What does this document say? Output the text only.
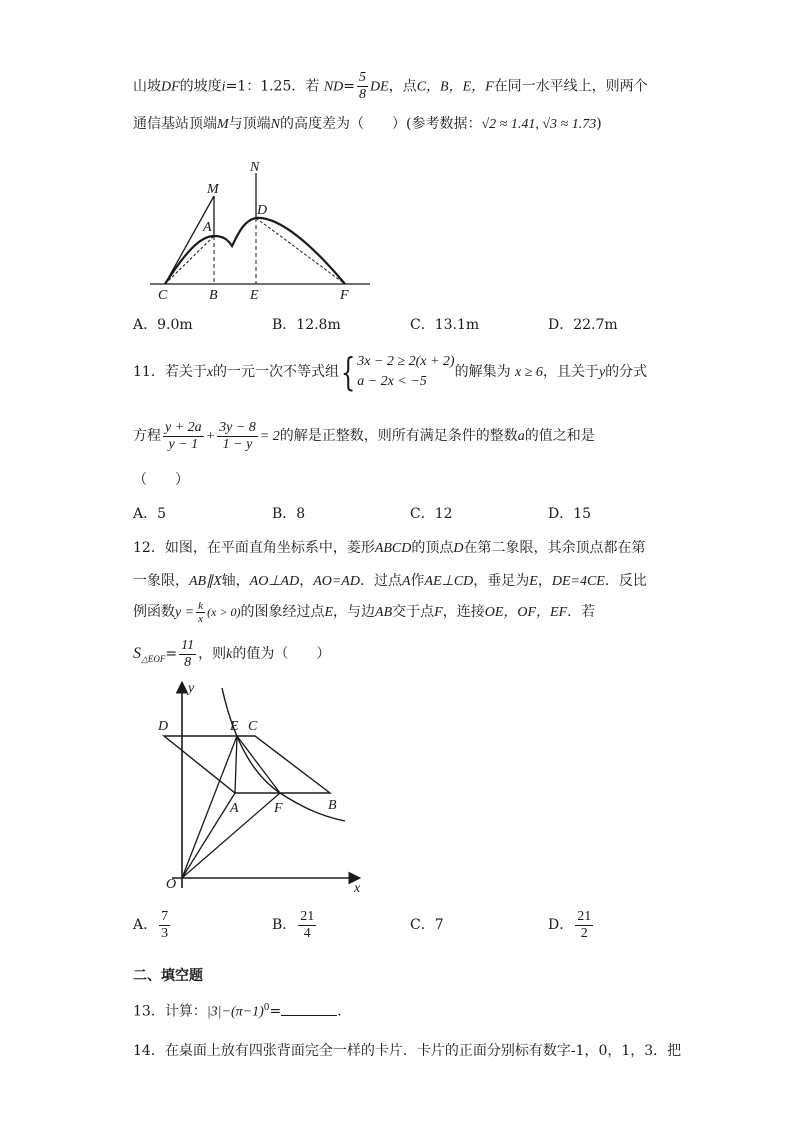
山坡DF的坡度i=1：1.25．若 $ND= \frac{5}{8}$ DE，点C，B，E，F在同一水平线上，则两个
通信基站顶端M与顶端N的高度差为（　　）(参考数据：√2 ≈ 1.41, √3 ≈ 1.73)
N
M
A
D
C	B E	F
A．9.0m	B．12.8m	C．13.1m	D．22.7m
11．若关于x的一元一次不等式组{ 3x − 2 ≥ 2(x + 2)
a − 2x < −5
的解集为 x ≥ 6，且关于y的分式
方程 $\frac{y + 2a}{y - 1} + \frac{3y - 8}{1 - y} = 2$的解是正整数，则所有满足条件的整数a的值之和是
（　　）
A．5	B．8	C．12	D．15
12．如图，在平面直角坐标系中，菱形ABCD的顶点D在第二象限，其余顶点都在第
一象限，AB∥X轴，AO⊥AD，AO=AD．过点A作AE⊥CD，垂足为E，DE=4CE．反比
例函数$y = \frac{k}{x} (x > 0)$的图象经过点E，与边AB交于点F，连接OE，OF，EF．若
$S_{\triangle EOF}= \frac{11}{8}$ ，则k的值为（　　）
y
x
O
D	E C
A	F	B
A． $\frac{7}{3}$	B． $\frac{21}{4}$	C．7	D． $\frac{21}{2}$
二、填空题
13．计算：$|3|-(\pi-1)^0=$	．
14．在桌面上放有四张背面完全一样的卡片．卡片的正面分别标有数字-1，0，1，3．把
